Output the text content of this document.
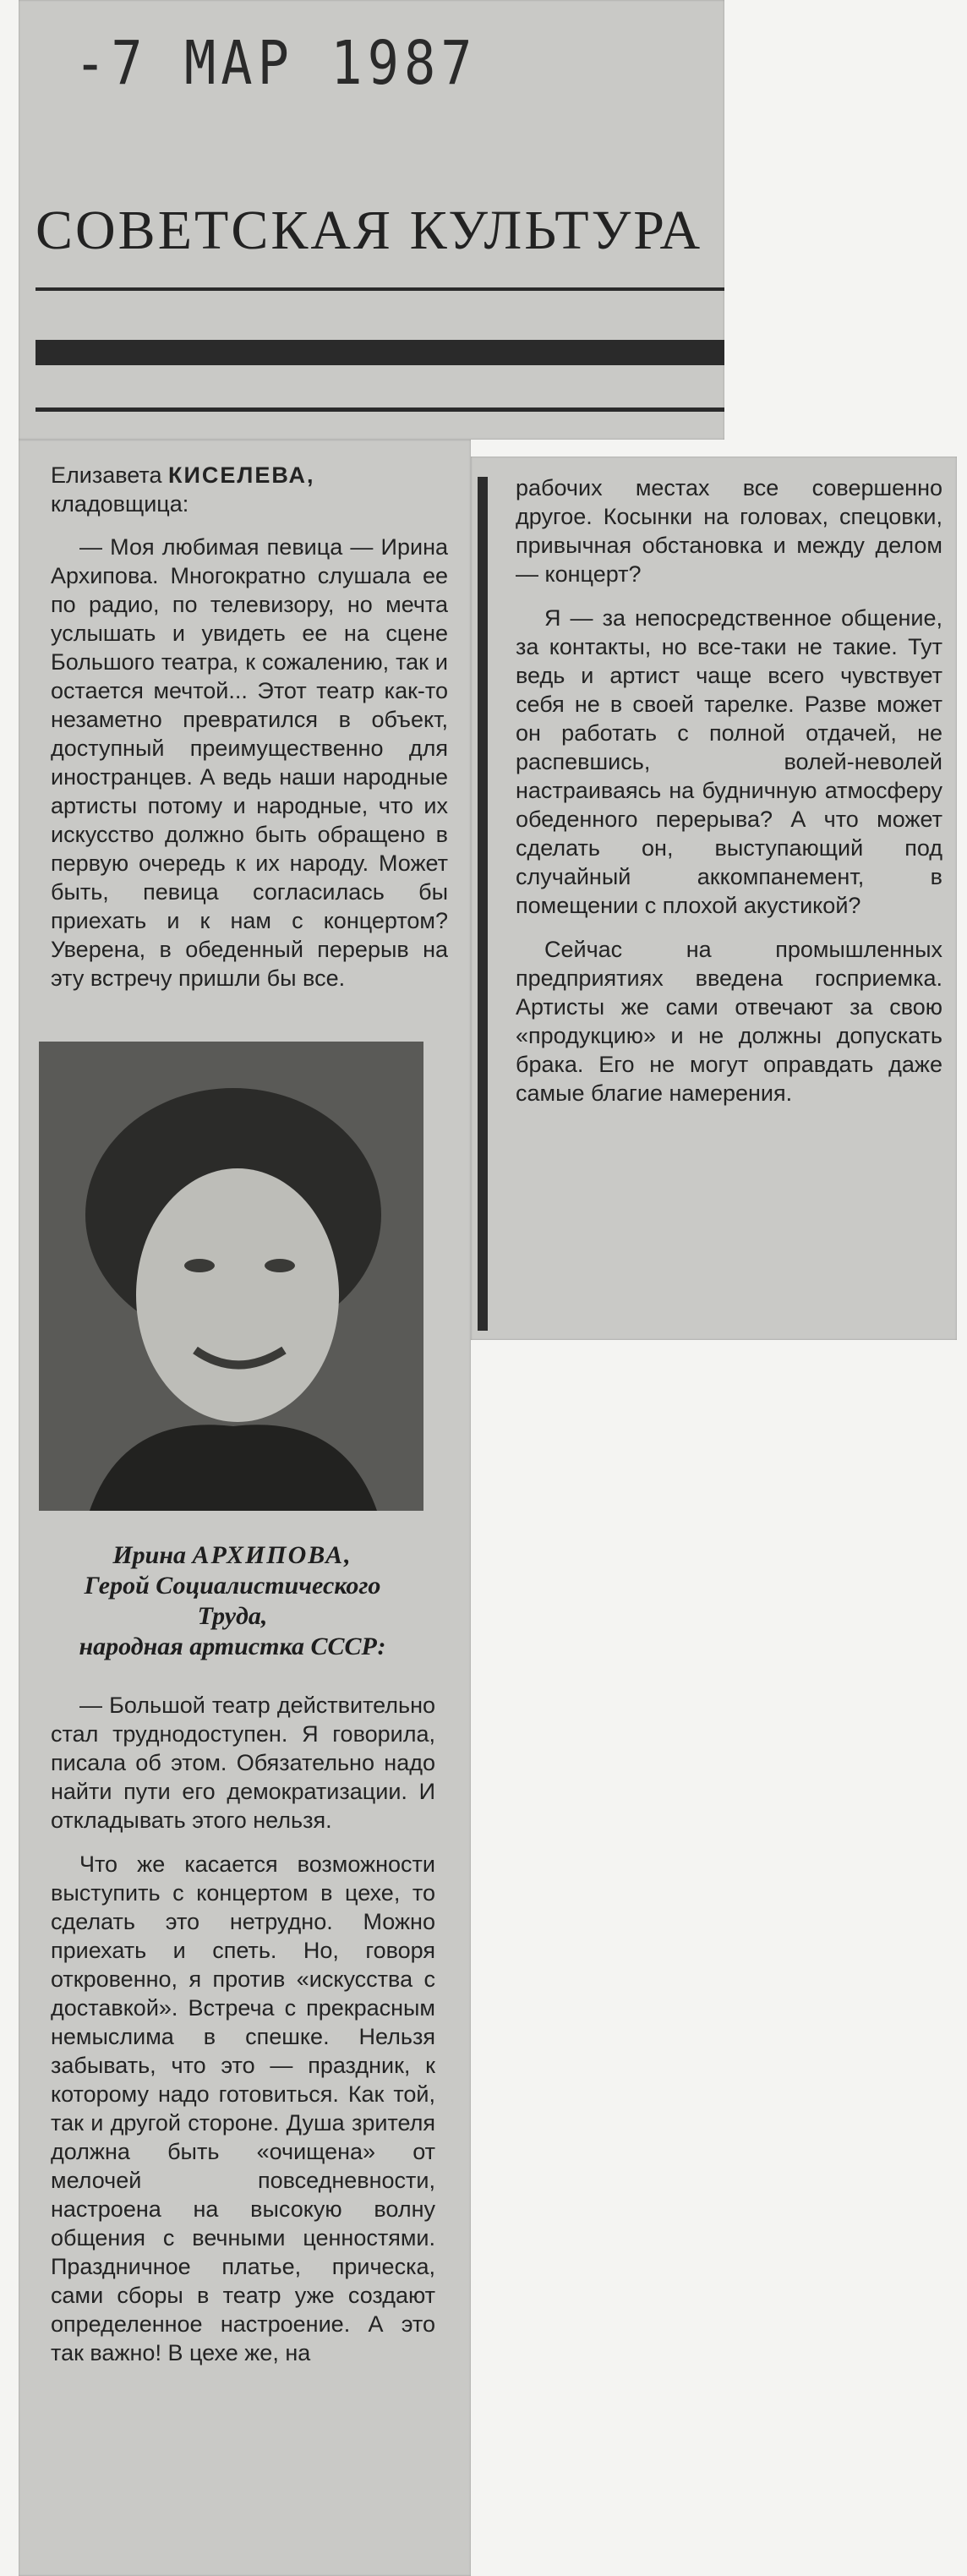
-7 МАР 1987
СОВЕТСКАЯ КУЛЬТУРА
Елизавета КИСЕЛЕВА,
кладовщица:

— Моя любимая певица — Ирина Архипова. Многократно слушала ее по радио, по телевизору, но мечта услышать и увидеть ее на сцене Большого театра, к сожалению, так и остается мечтой... Этот театр как-то незаметно превратился в объект, доступный преимущественно для иностранцев. А ведь наши народные артисты потому и народные, что их искусство должно быть обращено в первую очередь к их народу. Может быть, певица согласилась бы приехать и к нам с концертом? Уверена, в обеденный перерыв на эту встречу пришли бы все.

Ирина АРХИПОВА,
Герой Социалистического
Труда,
народная артистка СССР:

— Большой театр действительно стал труднодоступен. Я говорила, писала об этом. Обязательно надо найти пути его демократизации. И откладывать этого нельзя.

Что же касается возможности выступить с концертом в цехе, то сделать это нетрудно. Можно приехать и спеть. Но, говоря откровенно, я против «искусства с доставкой». Встреча с прекрасным немыслима в спешке. Нельзя забывать, что это — праздник, к которому надо готовиться. Как той, так и другой стороне. Душа зрителя должна быть «очищена» от мелочей повседневности, настроена на высокую волну общения с вечными ценностями. Праздничное платье, прическа, сами сборы в театр уже создают определенное настроение. А это так важно! В цехе же, на

рабочих местах все совершенно другое. Косынки на головах, спецовки, привычная обстановка и между делом — концерт?

Я — за непосредственное общение, за контакты, но все-таки не такие. Тут ведь и артист чаще всего чувствует себя не в своей тарелке. Разве может он работать с полной отдачей, не распевшись, волей-неволей настраиваясь на будничную атмосферу обеденного перерыва? А что может сделать он, выступающий под случайный аккомпанемент, в помещении с плохой акустикой?

Сейчас на промышленных предприятиях введена госприемка. Артисты же сами отвечают за свою «продукцию» и не должны допускать брака. Его не могут оправдать даже самые благие намерения.
